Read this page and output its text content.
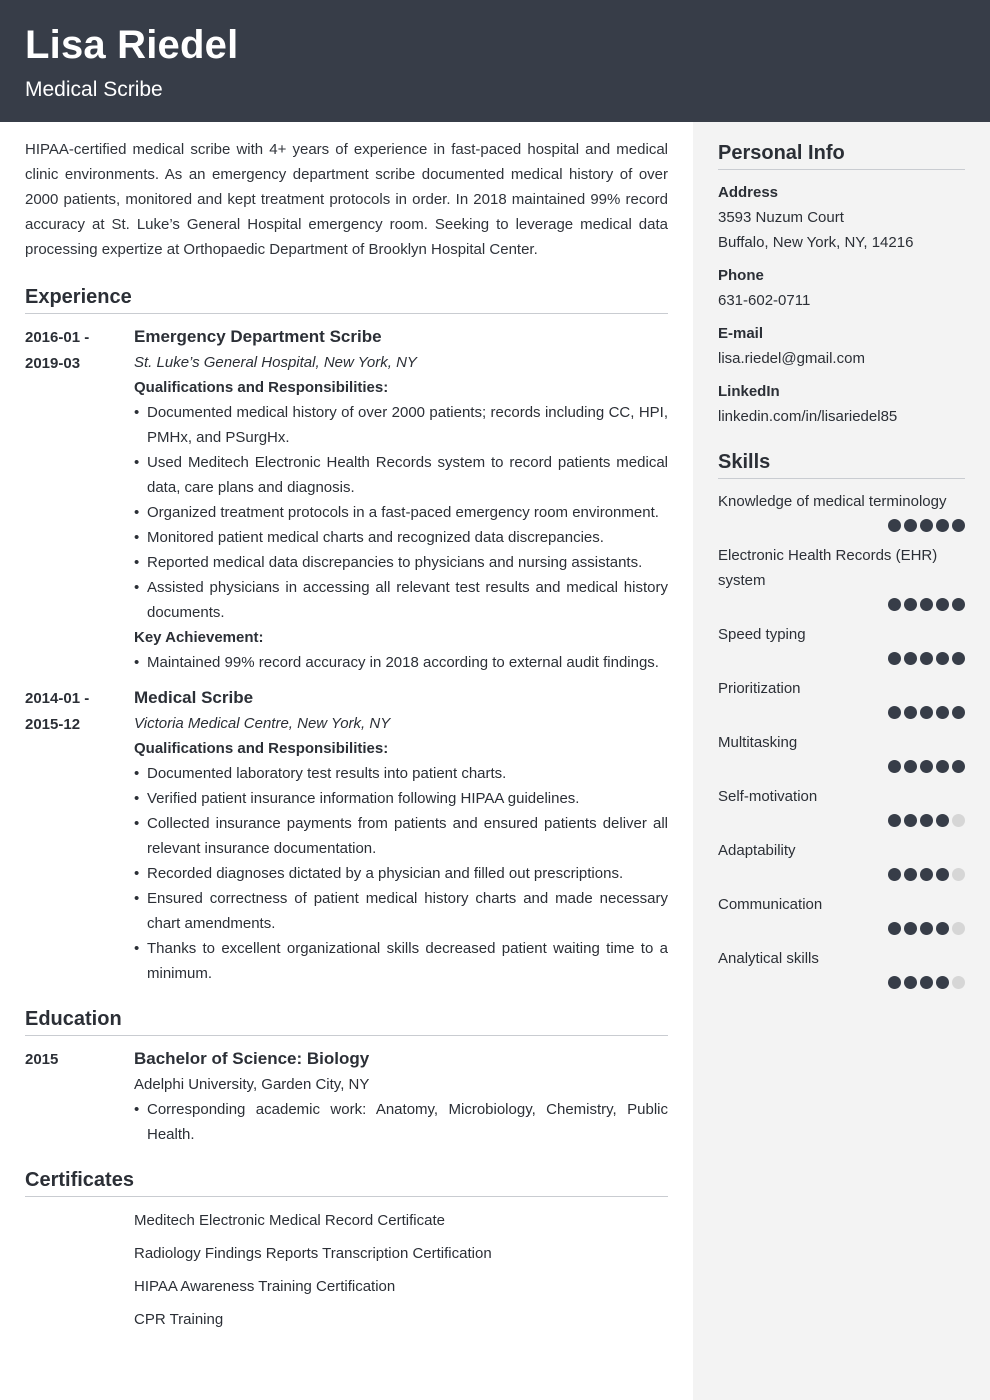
Lisa Riedel
Medical Scribe

HIPAA-certified medical scribe with 4+ years of experience in fast-paced hospital and medical clinic environments. As an emergency department scribe documented medical history of over 2000 patients, monitored and kept treatment protocols in order. In 2018 maintained 99% record accuracy at St. Luke’s General Hospital emergency room. Seeking to leverage medical data processing expertize at Orthopaedic Department of Brooklyn Hospital Center.

Experience
2016-01 -
2019-03
Emergency Department Scribe
St. Luke’s General Hospital, New York, NY
Qualifications and Responsibilities:
• Documented medical history of over 2000 patients; records including CC, HPI, PMHx, and PSurgHx.
• Used Meditech Electronic Health Records system to record patients medical data, care plans and diagnosis.
• Organized treatment protocols in a fast-paced emergency room environment.
• Monitored patient medical charts and recognized data discrepancies.
• Reported medical data discrepancies to physicians and nursing assistants.
• Assisted physicians in accessing all relevant test results and medical history documents.
Key Achievement:
• Maintained 99% record accuracy in 2018 according to external audit findings.
2014-01 -
2015-12
Medical Scribe
Victoria Medical Centre, New York, NY
Qualifications and Responsibilities:
• Documented laboratory test results into patient charts.
• Verified patient insurance information following HIPAA guidelines.
• Collected insurance payments from patients and ensured patients deliver all relevant insurance documentation.
• Recorded diagnoses dictated by a physician and filled out prescriptions.
• Ensured correctness of patient medical history charts and made necessary chart amendments.
• Thanks to excellent organizational skills decreased patient waiting time to a minimum.
Education
2015	Bachelor of Science: Biology
Adelphi University, Garden City, NY
• Corresponding academic work: Anatomy, Microbiology, Chemistry, Public Health.
Certificates
Meditech Electronic Medical Record Certificate
Radiology Findings Reports Transcription Certification
HIPAA Awareness Training Certification
CPR Training
Personal Info
Address
3593 Nuzum Court
Buffalo, New York, NY, 14216
Phone
631-602-0711
E-mail
lisa.riedel@gmail.com
LinkedIn
linkedin.com/in/lisariedel85
Skills
Knowledge of medical terminology
Electronic Health Records (EHR) system
Speed typing
Prioritization
Multitasking
Self-motivation
Adaptability
Communication
Analytical skills
